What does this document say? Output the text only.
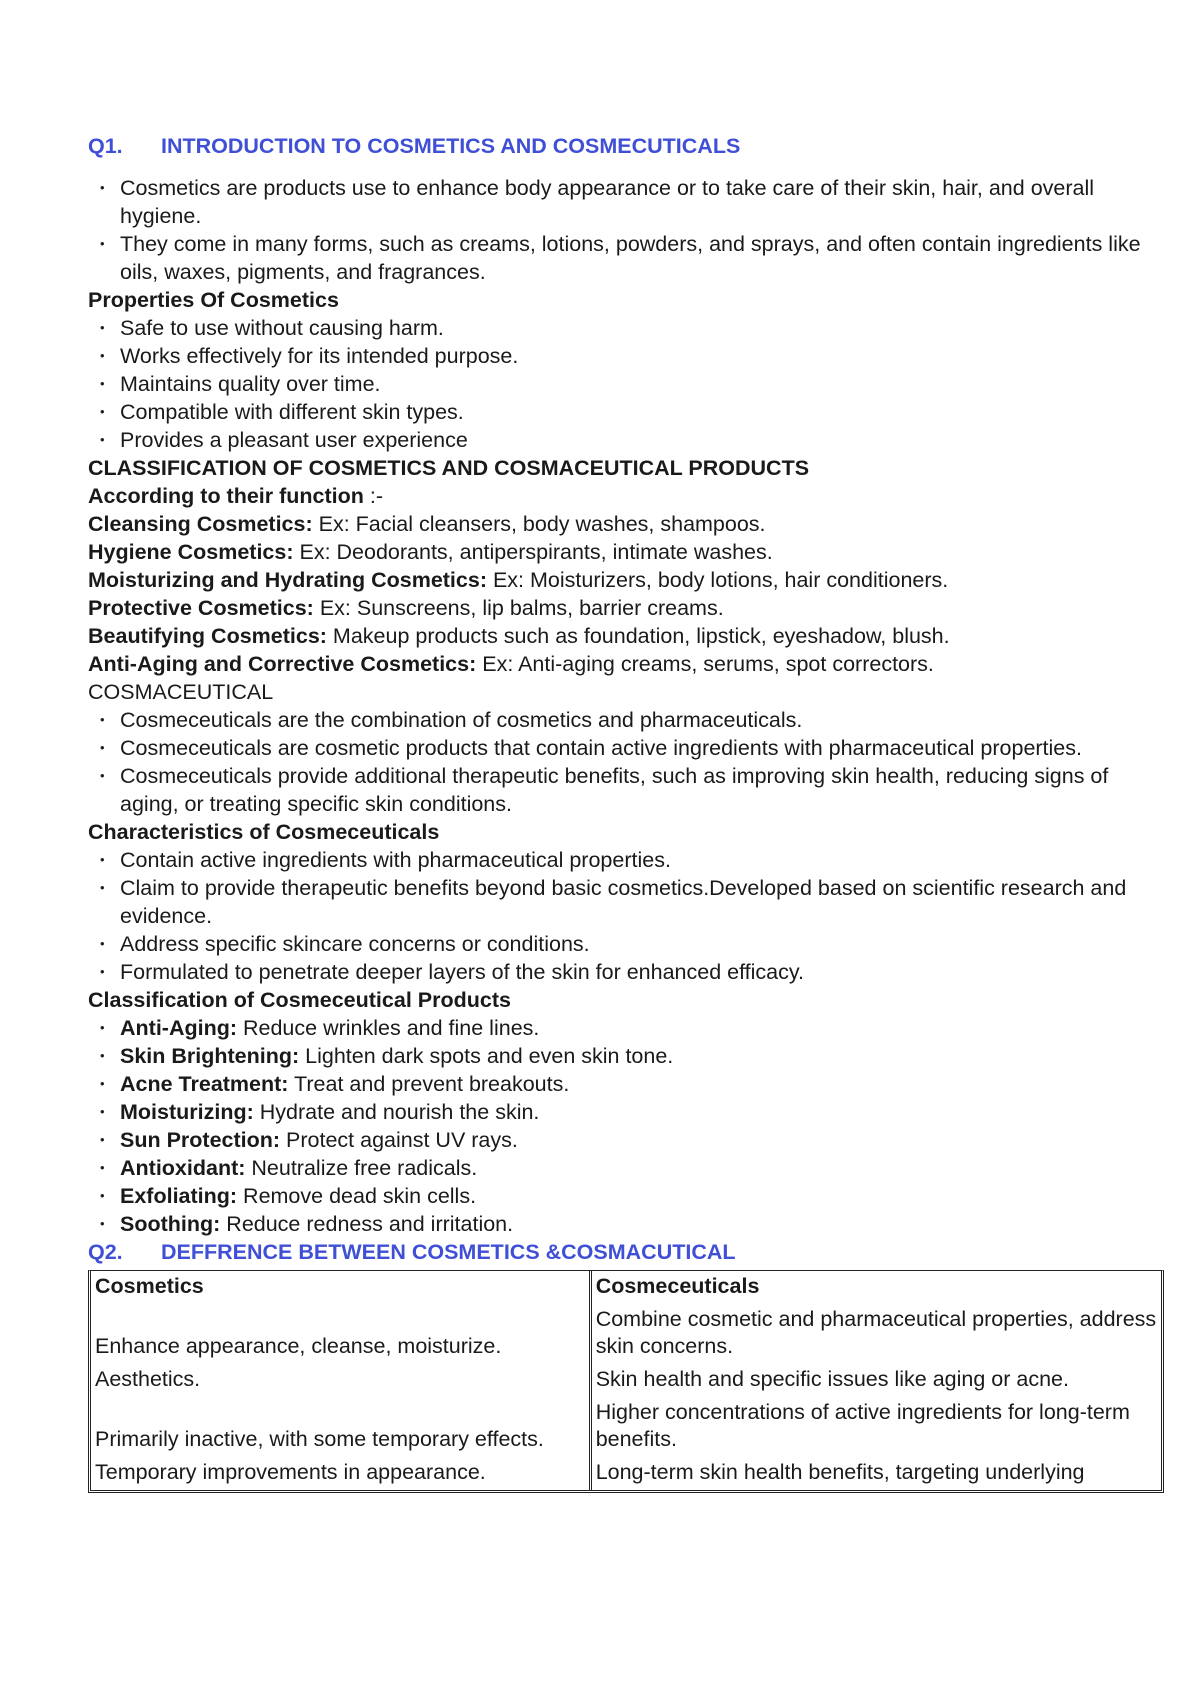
Q1. INTRODUCTION TO COSMETICS AND COSMECUTICALS
• Cosmetics are products use to enhance body appearance or to take care of their skin, hair, and overall hygiene.
• They come in many forms, such as creams, lotions, powders, and sprays, and often contain ingredients like oils, waxes, pigments, and fragrances.
Properties Of Cosmetics
• Safe to use without causing harm.
• Works effectively for its intended purpose.
• Maintains quality over time.
• Compatible with different skin types.
• Provides a pleasant user experience
CLASSIFICATION OF COSMETICS AND COSMACEUTICAL PRODUCTS
According to their function :-
Cleansing Cosmetics: Ex: Facial cleansers, body washes, shampoos.
Hygiene Cosmetics: Ex: Deodorants, antiperspirants, intimate washes.
Moisturizing and Hydrating Cosmetics: Ex: Moisturizers, body lotions, hair conditioners.
Protective Cosmetics: Ex: Sunscreens, lip balms, barrier creams.
Beautifying Cosmetics: Makeup products such as foundation, lipstick, eyeshadow, blush.
Anti-Aging and Corrective Cosmetics: Ex: Anti-aging creams, serums, spot correctors.
COSMACEUTICAL
• Cosmeceuticals are the combination of cosmetics and pharmaceuticals.
• Cosmeceuticals are cosmetic products that contain active ingredients with pharmaceutical properties.
• Cosmeceuticals provide additional therapeutic benefits, such as improving skin health, reducing signs of aging, or treating specific skin conditions.
Characteristics of Cosmeceuticals
• Contain active ingredients with pharmaceutical properties.
• Claim to provide therapeutic benefits beyond basic cosmetics.Developed based on scientific research and evidence.
• Address specific skincare concerns or conditions.
• Formulated to penetrate deeper layers of the skin for enhanced efficacy.
Classification of Cosmeceutical Products
• Anti-Aging: Reduce wrinkles and fine lines.
• Skin Brightening: Lighten dark spots and even skin tone.
• Acne Treatment: Treat and prevent breakouts.
• Moisturizing: Hydrate and nourish the skin.
• Sun Protection: Protect against UV rays.
• Antioxidant: Neutralize free radicals.
• Exfoliating: Remove dead skin cells.
• Soothing: Reduce redness and irritation.
Q2. DEFFRENCE BETWEEN COSMETICS &COSMACUTICAL
Cosmetics	Cosmeceuticals
Enhance appearance, cleanse, moisturize.	Combine cosmetic and pharmaceutical properties, address skin concerns.
Aesthetics.	Skin health and specific issues like aging or acne.
Primarily inactive, with some temporary effects.	Higher concentrations of active ingredients for long-term benefits.
Temporary improvements in appearance.	Long-term skin health benefits, targeting underlying
